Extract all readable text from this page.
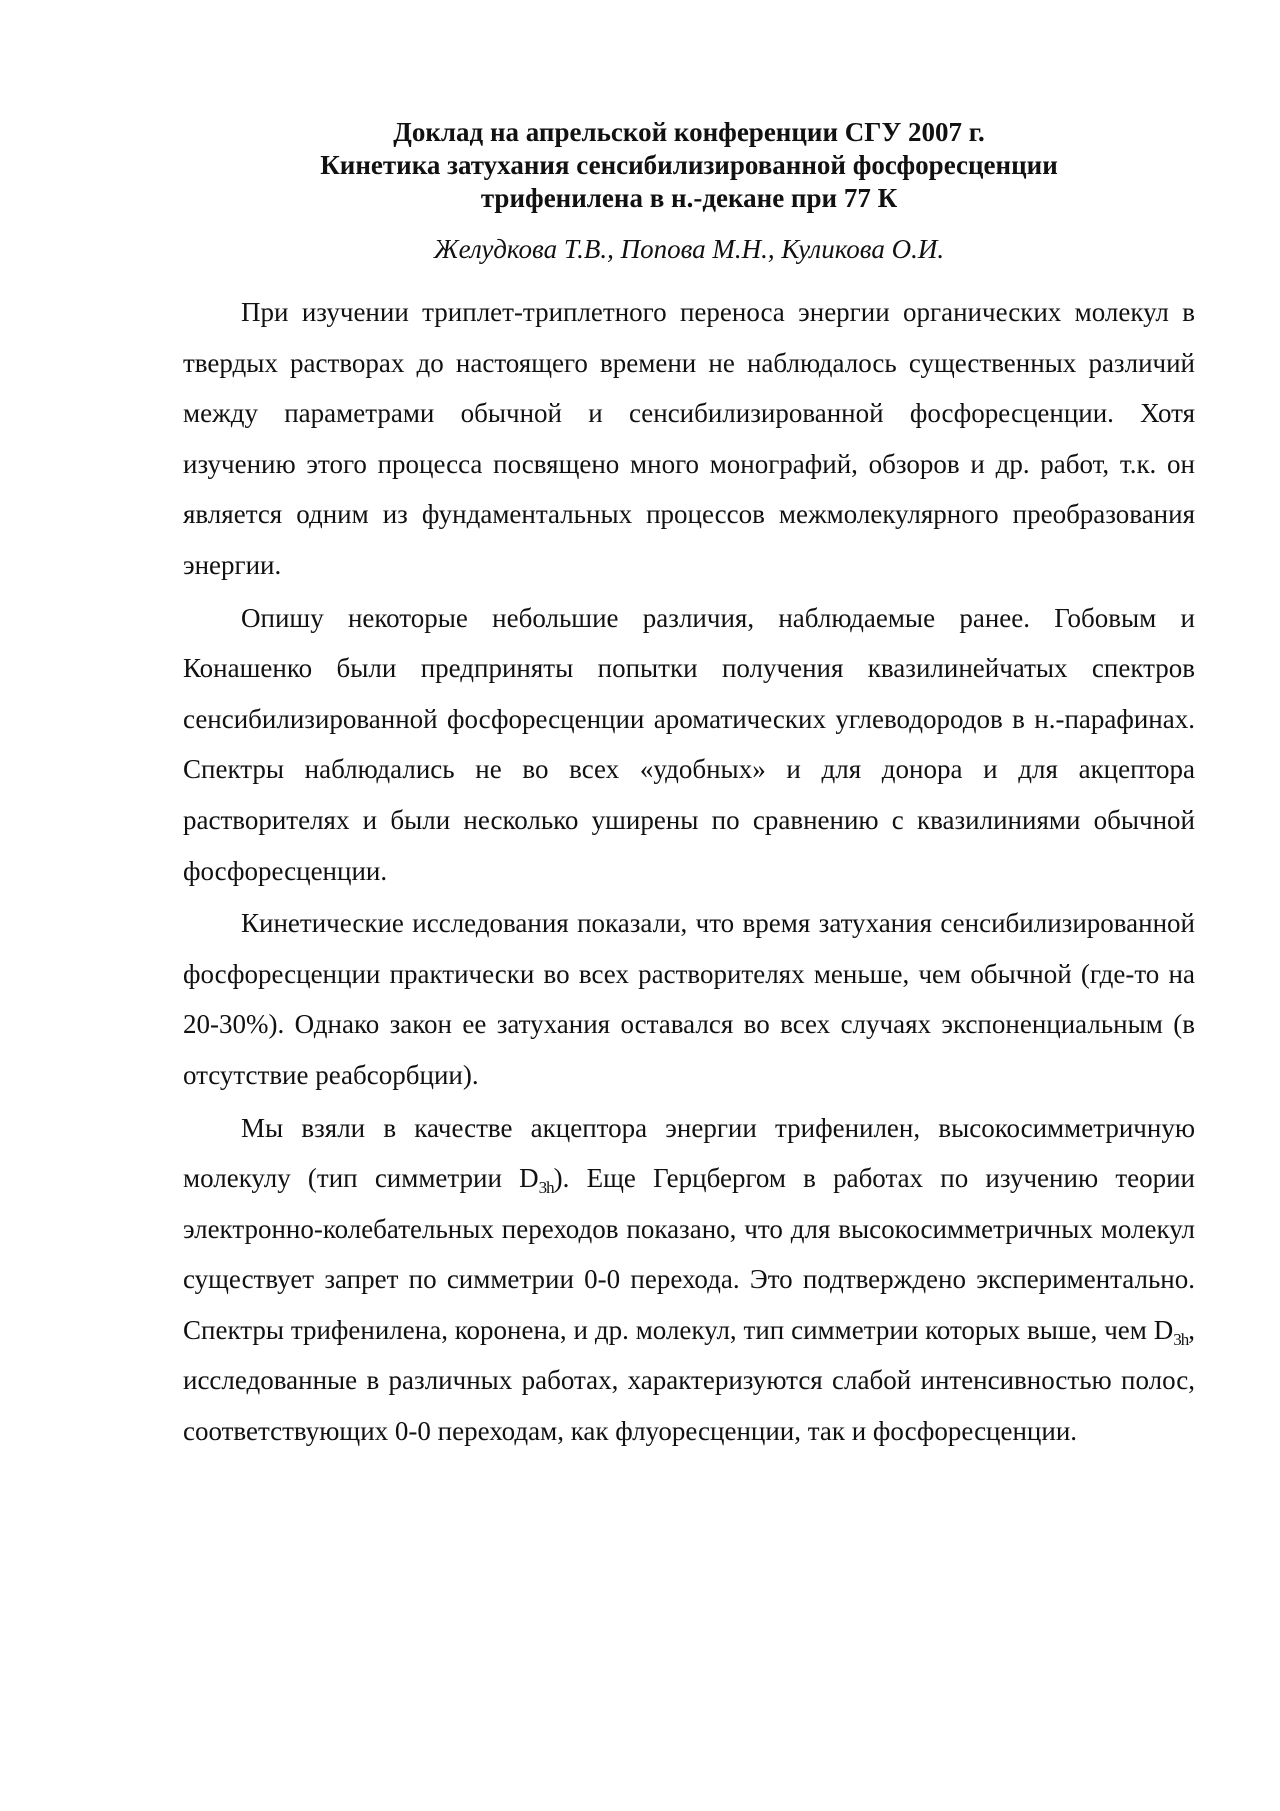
Доклад на апрельской конференции СГУ 2007 г.
Кинетика затухания сенсибилизированной фосфоресценции
трифенилена в н.-декане при 77 К

Желудкова Т.В., Попова М.Н., Куликова О.И.

При изучении триплет-триплетного переноса энергии органических молекул в твердых растворах до настоящего времени не наблюдалось существенных различий между параметрами обычной и сенсибилизированной фосфоресценции. Хотя изучению этого процесса посвящено много монографий, обзоров и др. работ, т.к. он является одним из фундаментальных процессов межмолекулярного преобразования энергии.

Опишу некоторые небольшие различия, наблюдаемые ранее. Гобовым и Конашенко были предприняты попытки получения квазилинейчатых спектров сенсибилизированной фосфоресценции ароматических углеводородов в н.-парафинах. Спектры наблюдались не во всех «удобных» и для донора и для акцептора растворителях и были несколько уширены по сравнению с квазилиниями обычной фосфоресценции.

Кинетические исследования показали, что время затухания сенсибилизированной фосфоресценции практически во всех растворителях меньше, чем обычной (где-то на 20-30%). Однако закон ее затухания оставался во всех случаях экспоненциальным (в отсутствие реабсорбции).

Мы взяли в качестве акцептора энергии трифенилен, высокосимметричную молекулу (тип симметрии $D_{3h}$). Еще Герцбергом в работах по изучению теории электронно-колебательных переходов показано, что для высокосимметричных молекул существует запрет по симметрии 0-0 перехода. Это подтверждено экспериментально. Спектры трифенилена, коронена, и др. молекул, тип симметрии которых выше, чем $D_{3h}$, исследованные в различных работах, характеризуются слабой интенсивностью полос, соответствующих 0-0 переходам, как флуоресценции, так и фосфоресценции.
